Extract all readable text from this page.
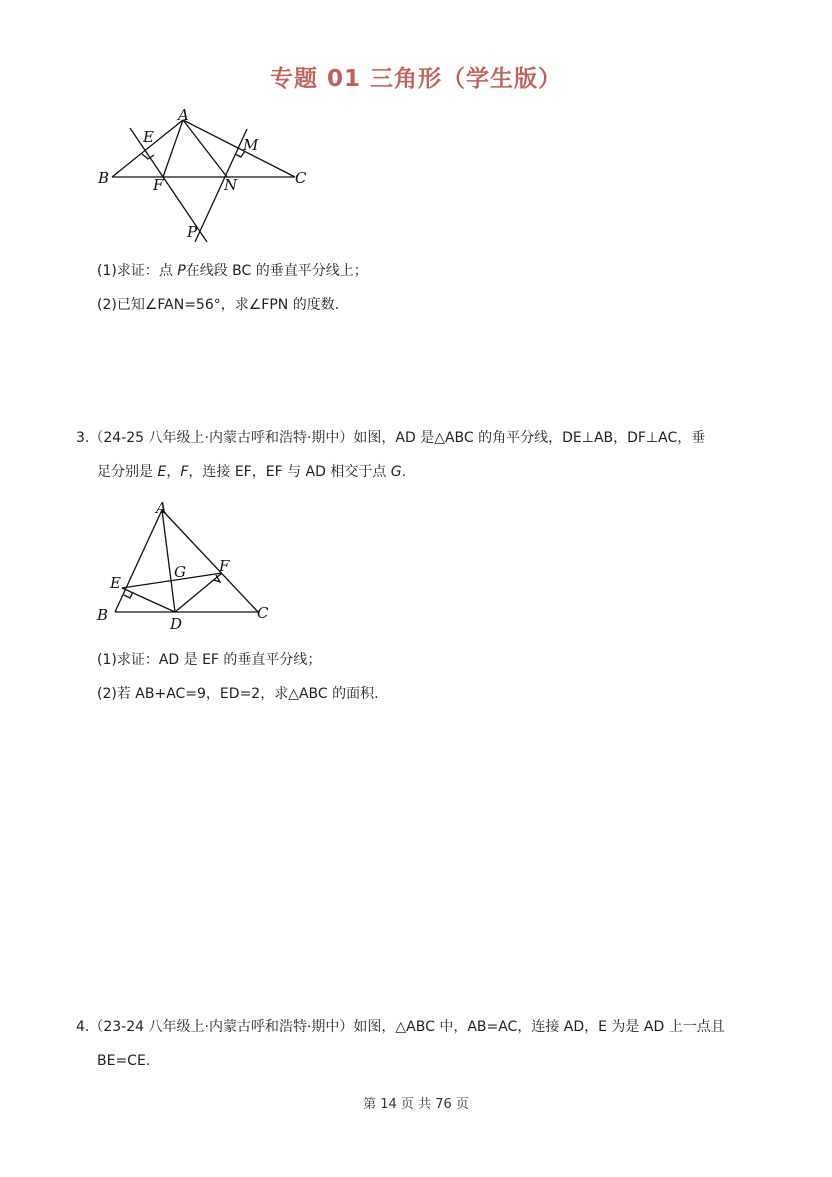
专题 01 三角形（学生版）
A
E	M
B	F	N	C
P
(1)求证：点 P在线段 BC 的垂直平分线上；
(2)已知∠FAN=56°，求∠FPN 的度数.
3.（24-25 八年级上·内蒙古呼和浩特·期中）如图，AD 是△ABC 的角平分线，DE⊥AB，DF⊥AC，垂
足分别是 E，F，连接 EF，EF 与 AD 相交于点 G.
A
G F
E
B	D
C
(1)求证：AD 是 EF 的垂直平分线；
(2)若 AB+AC=9，ED=2，求△ABC 的面积.
4.（23-24 八年级上·内蒙古呼和浩特·期中）如图，△ABC 中，AB=AC，连接 AD，E 为是 AD 上一点且
BE=CE.
第 14 页 共 76 页
